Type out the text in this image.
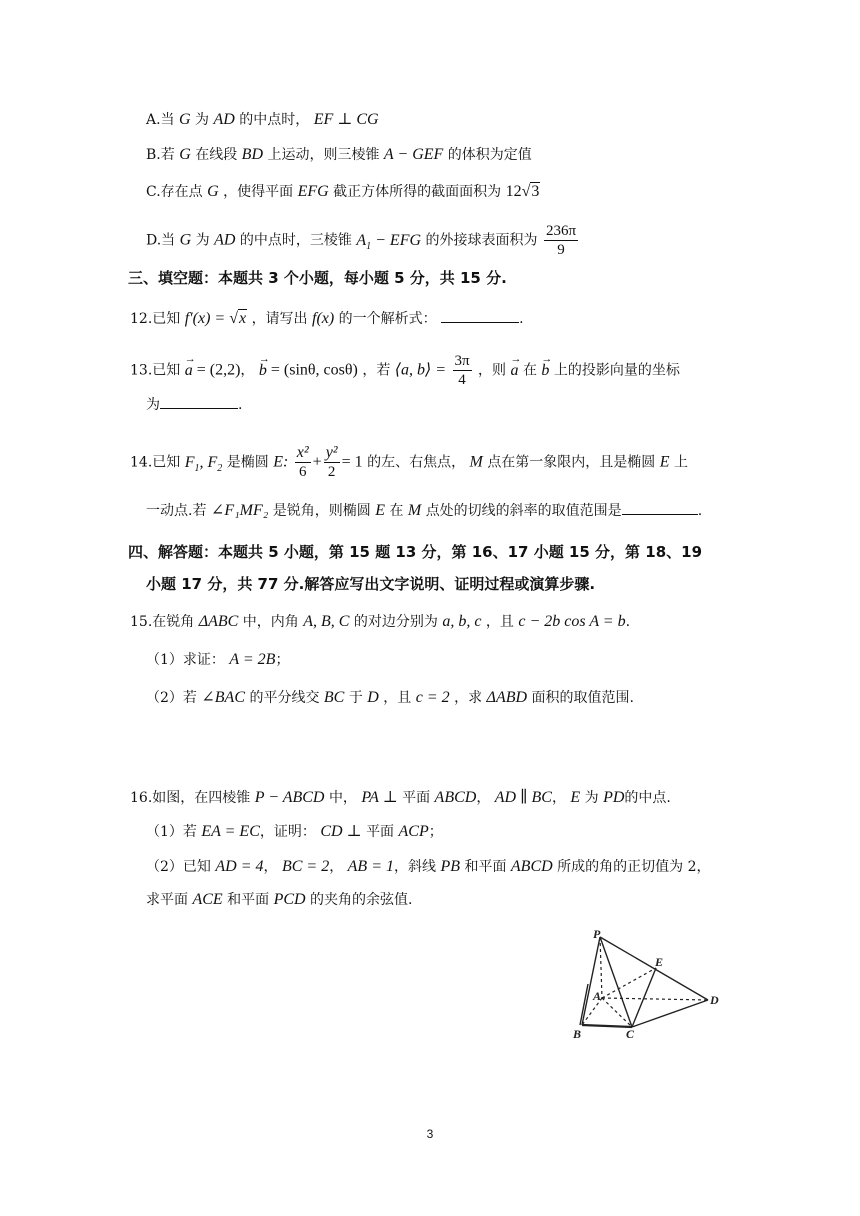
A.当 G 为 AD 的中点时， EF ⊥ CG
B.若 G 在线段 BD 上运动，则三棱锥 A − GEF 的体积为定值
C.存在点 G ，使得平面 EFG 截正方体所得的截面面积为 12√3
D.当 G 为 AD 的中点时，三棱锥 $A_1$ − EFG 的外接球表面积为 $\frac{236\pi}{9}$
三、填空题：本题共 3 个小题，每小题 5 分，共 15 分.
12.已知 f′(x) = √x ，请写出 f(x) 的一个解析式：	.
13.已知 → a = (2,2)， → b = (sinθ, cosθ) ，若 ⟨a, b⟩ = $\frac{3\pi}{4}$ ，则 → a 在 → b 上的投影向量的坐标
为	.
14.已知 $F_1$, $F_2$ 是椭圆 E: $\frac{\text{x²}}{6} + \frac{\text{y²}}{2} = 1$ 的左、右焦点， M 点在第一象限内，且是椭圆 E 上
一动点.若 ∠F₁MF₂ 是锐角，则椭圆 E 在 M 点处的切线的斜率的取值范围是	.
四、解答题：本题共 5 小题，第 15 题 13 分，第 16、17 小题 15 分，第 18、19
小题 17 分，共 77 分.解答应写出文字说明、证明过程或演算步骤.
15.在锐角 ΔABC 中，内角 A, B, C 的对边分别为 a, b, c ，且 c − 2b cos A = b.
（1）求证： A = 2B；
（2）若 ∠BAC 的平分线交 BC 于 D ，且 c = 2 ，求 ΔABD 面积的取值范围.
16.如图，在四棱锥 P − ABCD 中， PA ⊥ 平面 ABCD， AD ∥ BC， E 为 PD的中点.
（1）若 EA = EC，证明： CD ⊥ 平面 ACP；
（2）已知 AD = 4， BC = 2， AB = 1，斜线 PB 和平面 ABCD 所成的角的正切值为 2，
求平面 ACE 和平面 PCD 的夹角的余弦值.
P
E
A	D
B	C
3
